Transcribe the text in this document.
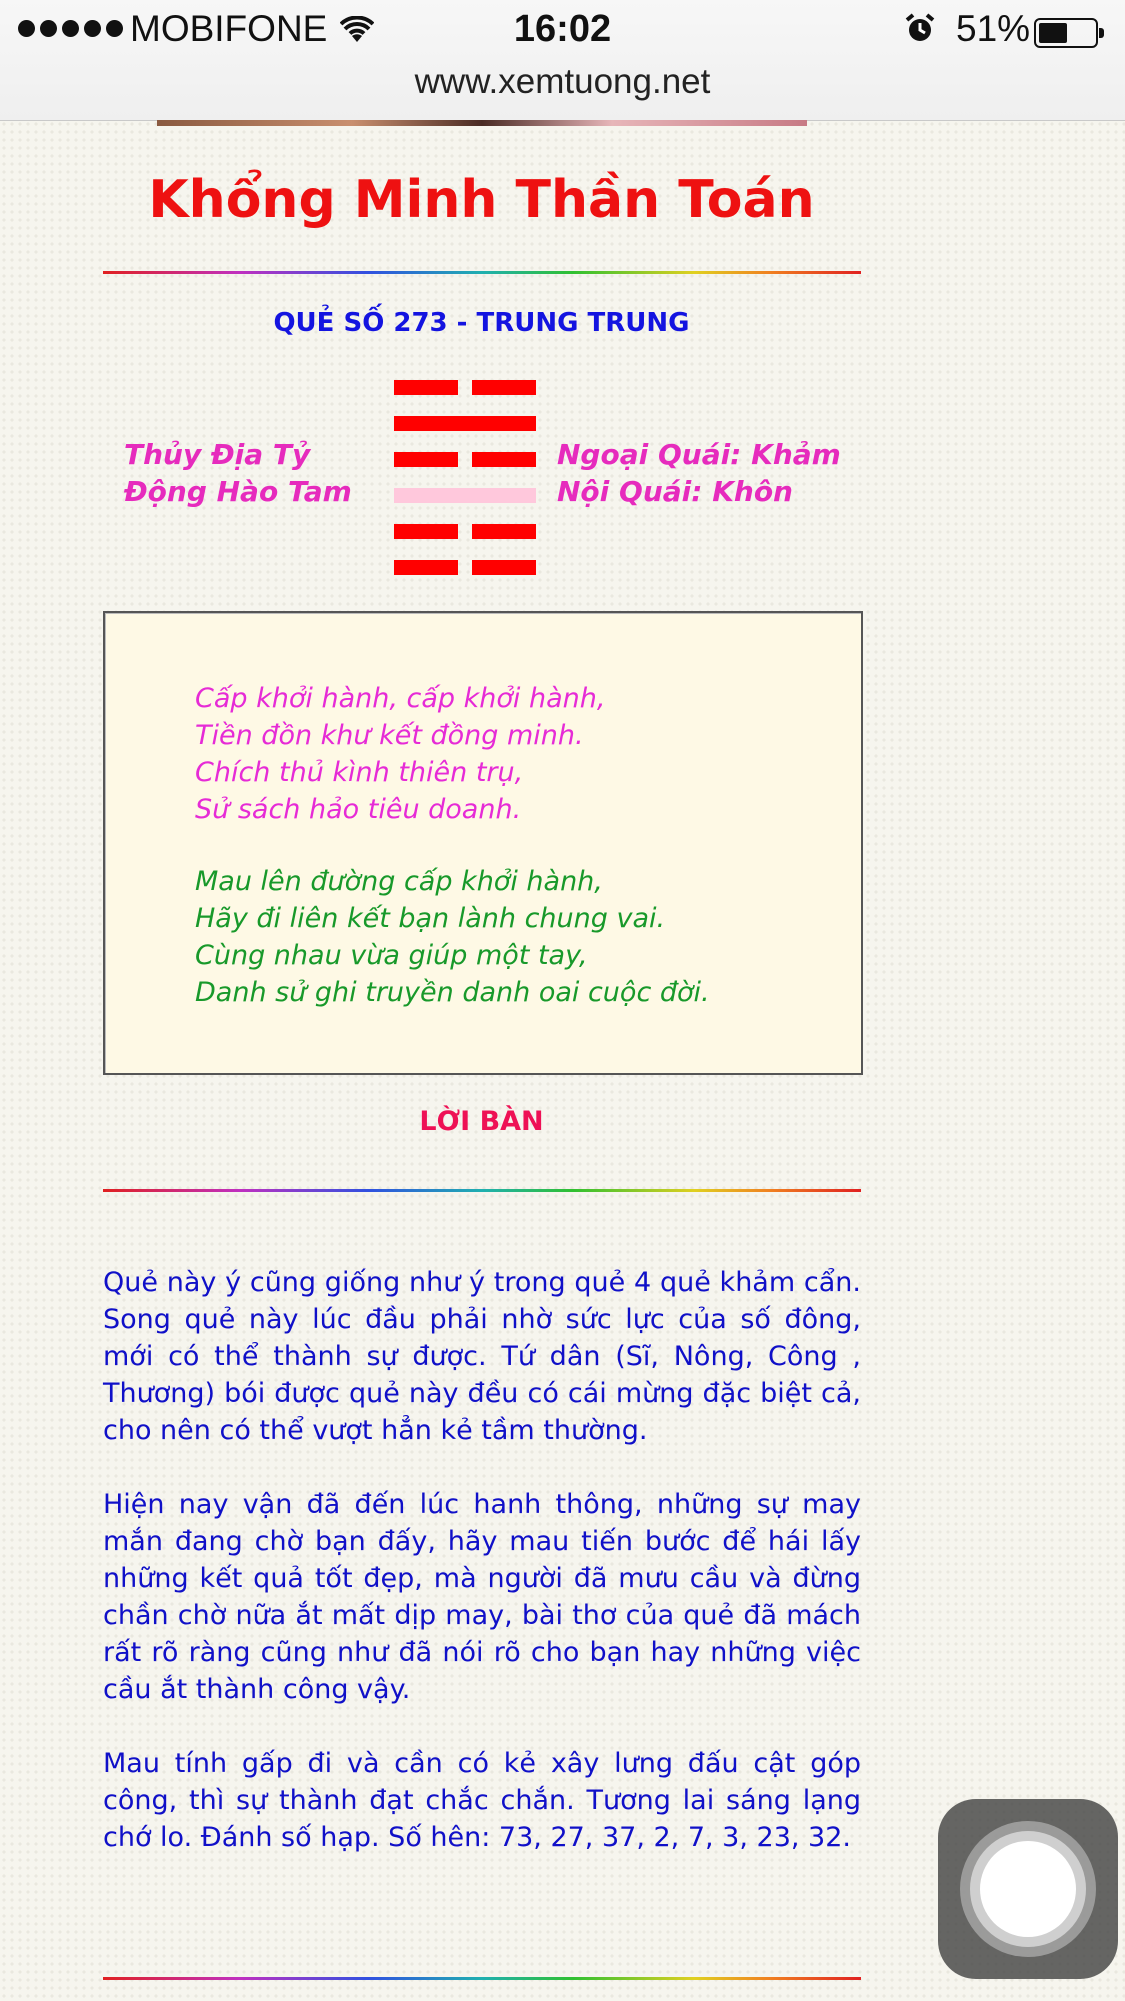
MOBIFONE	16:02	51%
www.xemtuong.net
Khổng Minh Thần Toán
QUẺ SỐ 273 - TRUNG TRUNG
Thủy Địa Tỷ
Động Hào Tam
Ngoại Quái: Khảm
Nội Quái: Khôn
Cấp khởi hành, cấp khởi hành,
Tiền đồn khư kết đồng minh.
Chích thủ kình thiên trụ,
Sử sách hảo tiêu doanh.
Mau lên đường cấp khởi hành,
Hãy đi liên kết bạn lành chung vai.
Cùng nhau vừa giúp một tay,
Danh sử ghi truyền danh oai cuộc đời.
LỜI BÀN

Quẻ này ý cũng giống như ý trong quẻ 4 quẻ khảm cẩn. Song quẻ này lúc đầu phải nhờ sức lực của số đông, mới có thể thành sự được. Tứ dân (Sĩ, Nông, Công , Thương) bói được quẻ này đều có cái mừng đặc biệt cả, cho nên có thể vượt hẳn kẻ tầm thường.

Hiện nay vận đã đến lúc hanh thông, những sự may mắn đang chờ bạn đấy, hãy mau tiến bước để hái lấy những kết quả tốt đẹp, mà người đã mưu cầu và đừng chần chờ nữa ắt mất dịp may, bài thơ của quẻ đã mách rất rõ ràng cũng như đã nói rõ cho bạn hay những việc cầu ắt thành công vậy.

Mau tính gấp đi và cần có kẻ xây lưng đấu cật góp công, thì sự thành đạt chắc chắn. Tương lai sáng lạng chớ lo. Đánh số hạp. Số hên: 73, 27, 37, 2, 7, 3, 23, 32.
